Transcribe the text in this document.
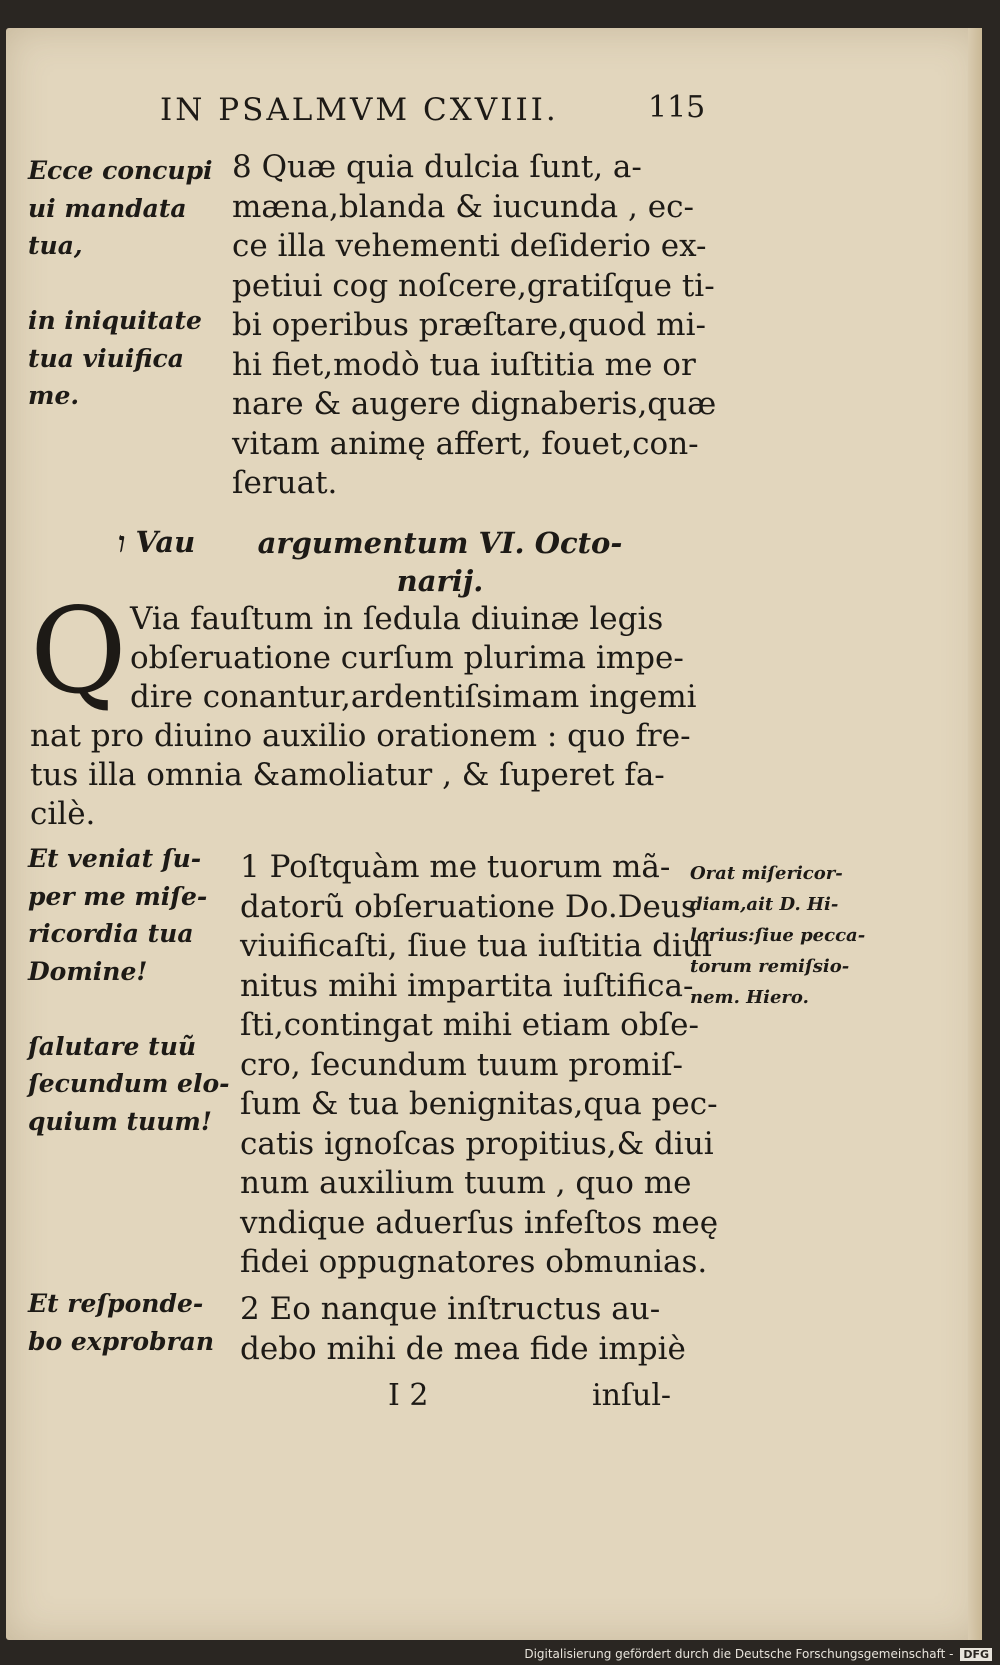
IN PSALMVM CXVIII.	115
Ecce concupi
ui mandata
tua,

in iniquitate
tua viuifica
me.
8 Quæ quia dulcia ſunt, a-
mæna,blanda & iucunda , ec-
ce illa vehementi deſiderio ex-
petiui cog noſcere,gratiſque ti-
bi operibus præſtare,quod mi-
hi fiet,modò tua iuſtitia me or
nare & augere dignaberis,quæ
vitam animę affert, fouet,con-
ſeruat.
ו Vau	argumentum VI. Octo-
narij.
Q Via fauſtum in ſedula diuinæ legis
obſeruatione curſum plurima impe-
dire conantur,ardentiſsimam ingemi
nat pro diuino auxilio orationem : quo fre-
tus illa omnia &amoliatur , & ſuperet fa-
cilè.
Et veniat ſu-
per me miſe-
ricordia tua
Domine!

ſalutare tuũ
ſecundum elo-
quium tuum!
1 Poſtquàm me tuorum mã-
datorũ obſeruatione Do.Deus
viuificaſti, ſiue tua iuſtitia diui
nitus mihi impartita iuſtifica-
ſti,contingat mihi etiam obſe-
cro, ſecundum tuum promiſ-
ſum & tua benignitas,qua pec-
catis ignoſcas propitius,& diui
num auxilium tuum , quo me
vndique aduerſus infeſtos meę
fidei oppugnatores obmunias.
Orat miſericor-
diam,ait D. Hi-
larius:ſiue pecca-
torum remiſsio-
nem. Hiero.
Et reſponde-
bo exprobran
2 Eo nanque inſtructus au-
debo mihi de mea fide impiè
I 2	inſul-
Digitalisierung gefördert durch die Deutsche Forschungsgemeinschaft - DFG
